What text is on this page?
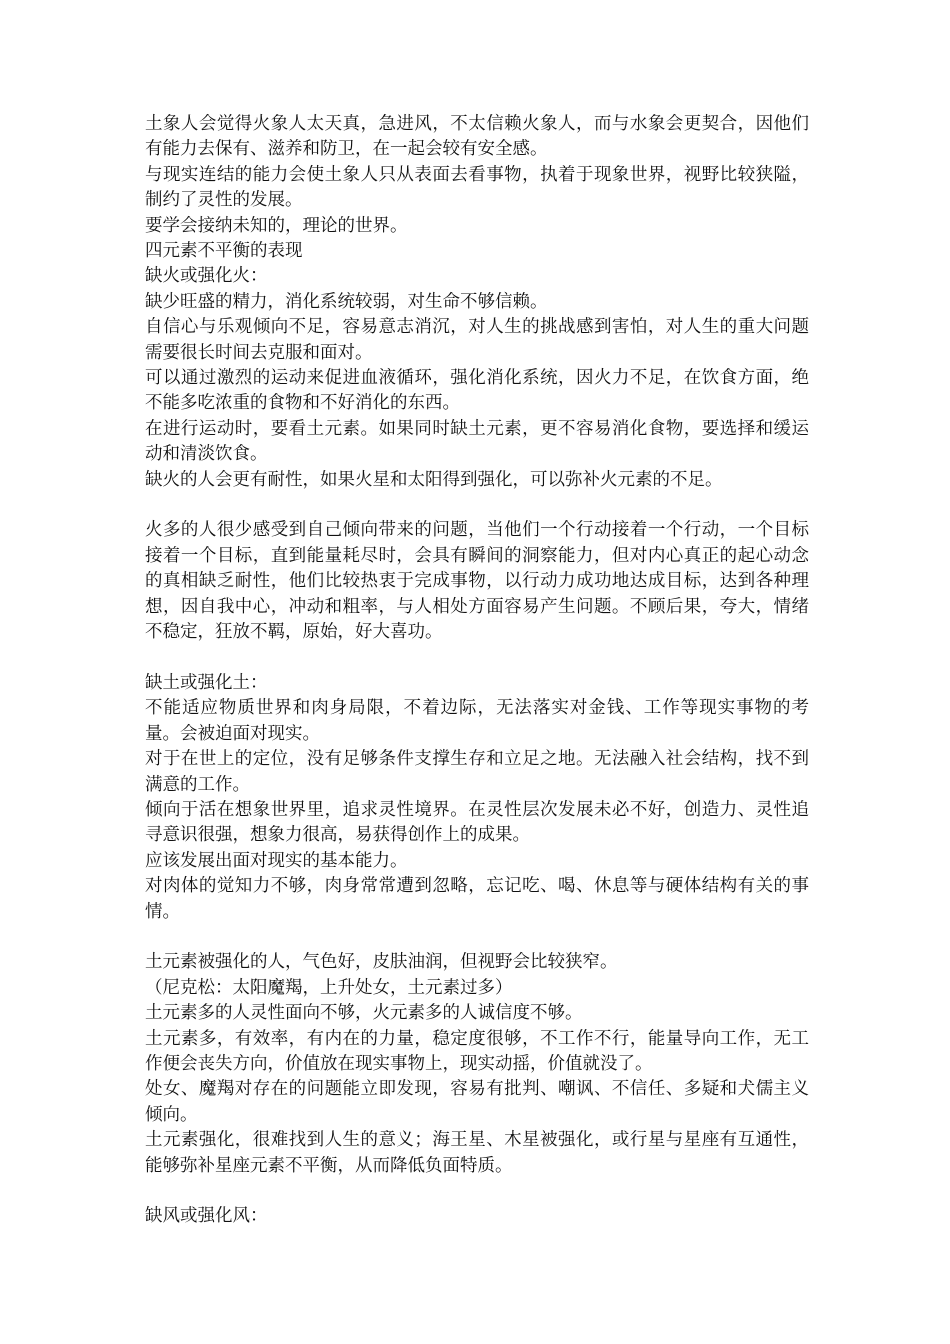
土象人会觉得火象人太天真，急进风，不太信赖火象人，而与水象会更契合，因他们有能力去保有、滋养和防卫，在一起会较有安全感。

与现实连结的能力会使土象人只从表面去看事物，执着于现象世界，视野比较狭隘，制约了灵性的发展。

要学会接纳未知的，理论的世界。

四元素不平衡的表现

缺火或强化火：

缺少旺盛的精力，消化系统较弱，对生命不够信赖。

自信心与乐观倾向不足，容易意志消沉，对人生的挑战感到害怕，对人生的重大问题需要很长时间去克服和面对。

可以通过激烈的运动来促进血液循环，强化消化系统，因火力不足，在饮食方面，绝不能多吃浓重的食物和不好消化的东西。

在进行运动时，要看土元素。如果同时缺土元素，更不容易消化食物，要选择和缓运动和清淡饮食。

缺火的人会更有耐性，如果火星和太阳得到强化，可以弥补火元素的不足。

火多的人很少感受到自己倾向带来的问题，当他们一个行动接着一个行动，一个目标接着一个目标，直到能量耗尽时，会具有瞬间的洞察能力，但对内心真正的起心动念的真相缺乏耐性，他们比较热衷于完成事物，以行动力成功地达成目标，达到各种理想，因自我中心，冲动和粗率，与人相处方面容易产生问题。不顾后果，夸大，情绪不稳定，狂放不羁，原始，好大喜功。

缺土或强化土：

不能适应物质世界和肉身局限，不着边际，无法落实对金钱、工作等现实事物的考量。会被迫面对现实。

对于在世上的定位，没有足够条件支撑生存和立足之地。无法融入社会结构，找不到满意的工作。

倾向于活在想象世界里，追求灵性境界。在灵性层次发展未必不好，创造力、灵性追寻意识很强，想象力很高，易获得创作上的成果。

应该发展出面对现实的基本能力。

对肉体的觉知力不够，肉身常常遭到忽略，忘记吃、喝、休息等与硬体结构有关的事情。

土元素被强化的人，气色好，皮肤油润，但视野会比较狭窄。

（尼克松：太阳魔羯，上升处女，土元素过多）

土元素多的人灵性面向不够，火元素多的人诚信度不够。

土元素多，有效率，有内在的力量，稳定度很够，不工作不行，能量导向工作，无工作便会丧失方向，价值放在现实事物上，现实动摇，价值就没了。

处女、魔羯对存在的问题能立即发现，容易有批判、嘲讽、不信任、多疑和犬儒主义倾向。

土元素强化，很难找到人生的意义；海王星、木星被强化，或行星与星座有互通性，能够弥补星座元素不平衡，从而降低负面特质。

缺风或强化风：
